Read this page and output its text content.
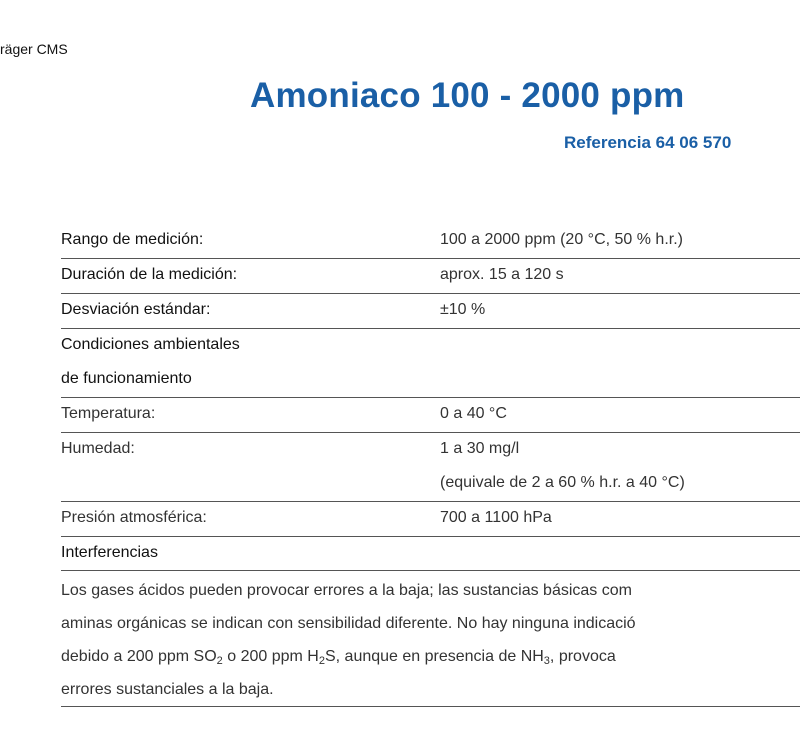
räger CMS
Amoniaco 100 - 2000 ppm
Referencia 64 06 570
Rango de medición:	100 a 2000 ppm (20 °C, 50 % h.r.)
Duración de la medición:	aprox. 15 a 120 s
Desviación estándar:	±10 %
Condiciones ambientales
de funcionamiento
Temperatura:	0 a 40 °C
Humedad:	1 a 30 mg/l
(equivale de 2 a 60 % h.r. a 40 °C)
Presión atmosférica:	700 a 1100 hPa
Interferencias
Los gases ácidos pueden provocar errores a la baja; las sustancias básicas com
aminas orgánicas se indican con sensibilidad diferente. No hay ninguna indicació
debido a 200 ppm $SO_2$ o 200 ppm $H_2S$, aunque en presencia de $NH_3$, provoca
errores sustanciales a la baja.
